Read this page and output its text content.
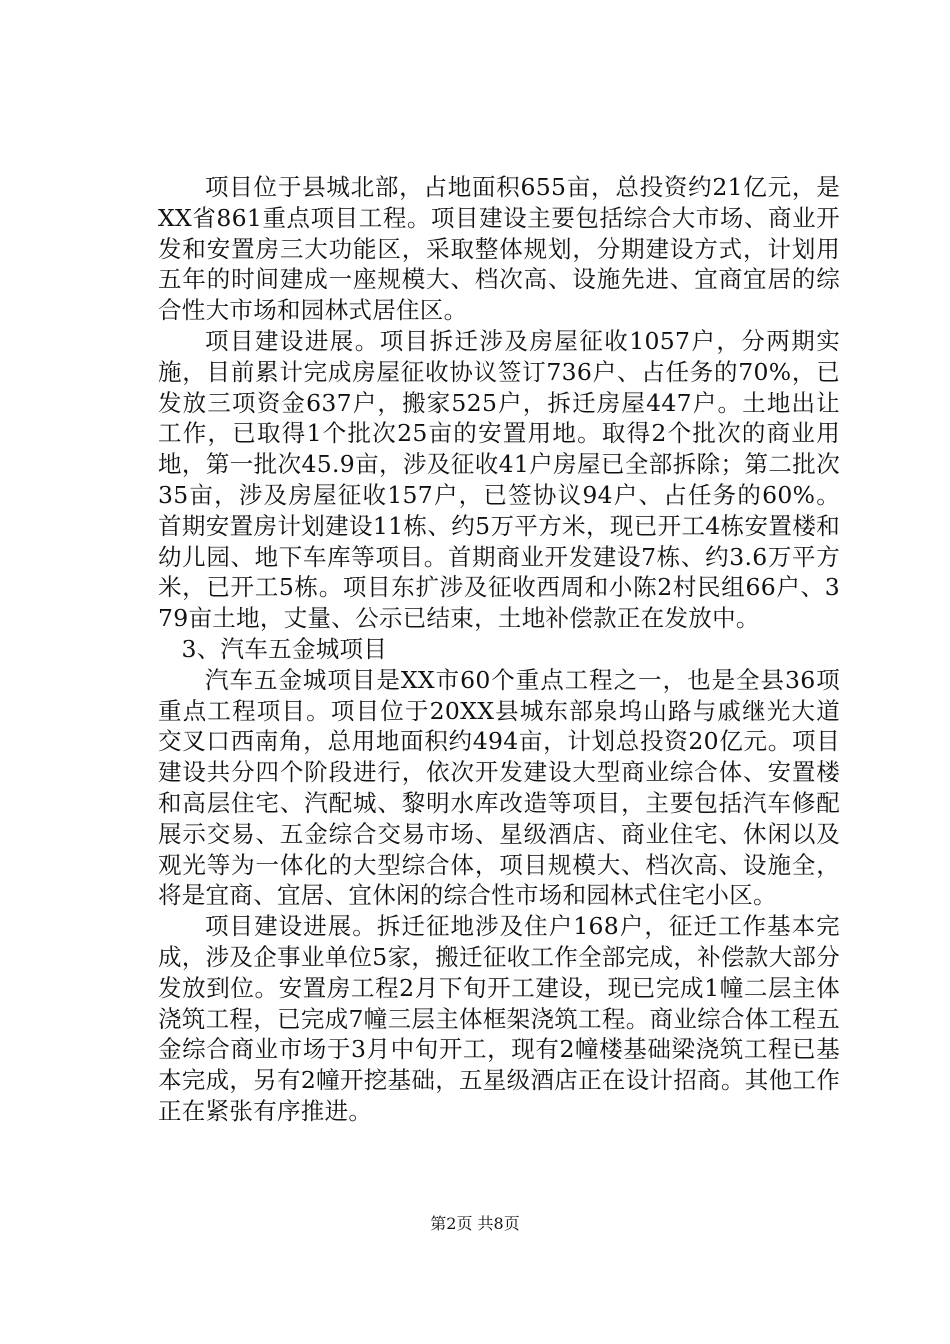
项目位于县城北部，占地面积655亩，总投资约21亿元，是XX省861重点项目工程。项目建设主要包括综合大市场、商业开发和安置房三大功能区，采取整体规划，分期建设方式，计划用五年的时间建成一座规模大、档次高、设施先进、宜商宜居的综合性大市场和园林式居住区。

项目建设进展。项目拆迁涉及房屋征收1057户，分两期实施，目前累计完成房屋征收协议签订736户、占任务的70%，已发放三项资金637户，搬家525户，拆迁房屋447户。土地出让工作，已取得1个批次25亩的安置用地。取得2个批次的商业用地，第一批次45.9亩，涉及征收41户房屋已全部拆除；第二批次35亩，涉及房屋征收157户，已签协议94户、占任务的60%。首期安置房计划建设11栋、约5万平方米，现已开工4栋安置楼和幼儿园、地下车库等项目。首期商业开发建设7栋、约3.6万平方米，已开工5栋。项目东扩涉及征收西周和小陈2村民组66户、379亩土地，丈量、公示已结束，土地补偿款正在发放中。

3、汽车五金城项目

汽车五金城项目是XX市60个重点工程之一，也是全县36项重点工程项目。项目位于20XX县城东部泉坞山路与戚继光大道交叉口西南角，总用地面积约494亩，计划总投资20亿元。项目建设共分四个阶段进行，依次开发建设大型商业综合体、安置楼和高层住宅、汽配城、黎明水库改造等项目，主要包括汽车修配展示交易、五金综合交易市场、星级酒店、商业住宅、休闲以及观光等为一体化的大型综合体，项目规模大、档次高、设施全，将是宜商、宜居、宜休闲的综合性市场和园林式住宅小区。

项目建设进展。拆迁征地涉及住户168户，征迁工作基本完成，涉及企事业单位5家，搬迁征收工作全部完成，补偿款大部分发放到位。安置房工程2月下旬开工建设，现已完成1幢二层主体浇筑工程，已完成7幢三层主体框架浇筑工程。商业综合体工程五金综合商业市场于3月中旬开工，现有2幢楼基础梁浇筑工程已基本完成，另有2幢开挖基础，五星级酒店正在设计招商。其他工作正在紧张有序推进。

第2页 共8页
